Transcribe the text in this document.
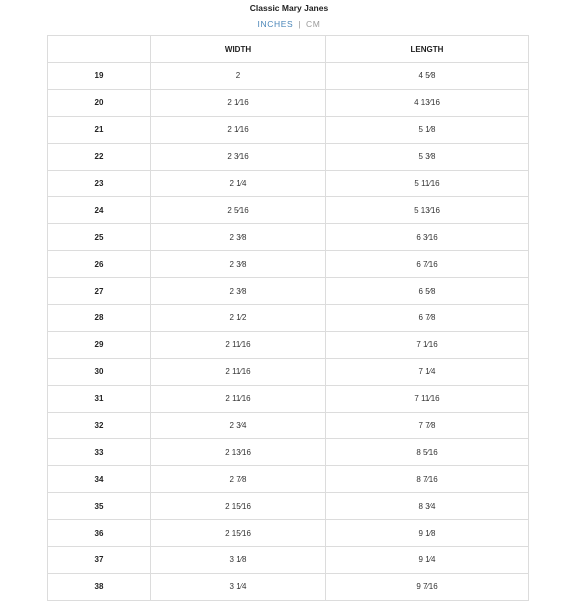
Classic Mary Janes
INCHES | CM
	WIDTH	LENGTH
19	2	4 5⁄8
20	2 1⁄16	4 13⁄16
21	2 1⁄16	5 1⁄8
22	2 3⁄16	5 3⁄8
23	2 1⁄4	5 11⁄16
24	2 5⁄16	5 13⁄16
25	2 3⁄8	6 3⁄16
26	2 3⁄8	6 7⁄16
27	2 3⁄8	6 5⁄8
28	2 1⁄2	6 7⁄8
29	2 11⁄16	7 1⁄16
30	2 11⁄16	7 1⁄4
31	2 11⁄16	7 11⁄16
32	2 3⁄4	7 7⁄8
33	2 13⁄16	8 5⁄16
34	2 7⁄8	8 7⁄16
35	2 15⁄16	8 3⁄4
36	2 15⁄16	9 1⁄8
37	3 1⁄8	9 1⁄4
38	3 1⁄4	9 7⁄16
